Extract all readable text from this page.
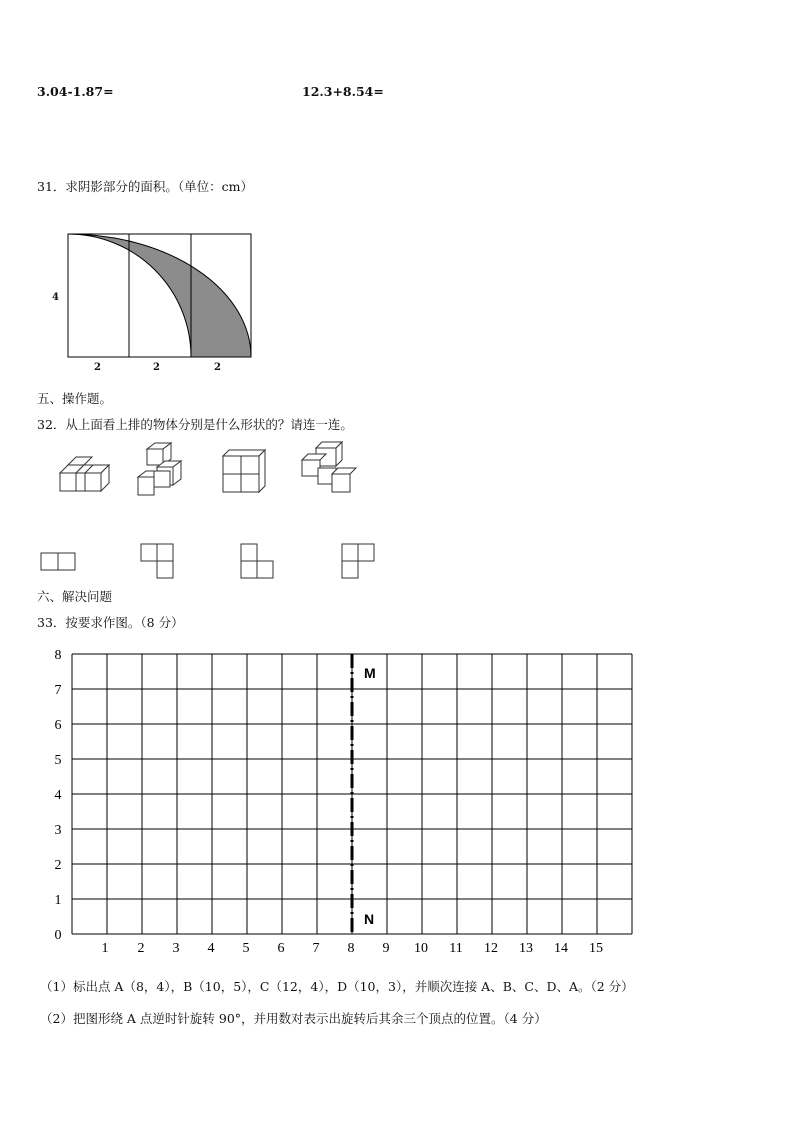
3.04-1.87=	12.3+8.54=
31．求阴影部分的面积。（单位：cm）
4
2	2	2
五、操作题。
32．从上面看上排的物体分别是什么形状的？请连一连。
六、解决问题
33．按要求作图。（8 分）
8
7
6
5
4
3
2
1
0
1 2 3 4 5 6 7 8 9 10 11 12 13 14 15
M
N
（1）标出点 A（8，4），B（10，5），C（12，4），D（10，3），并顺次连接 A、B、C、D、A。（2 分）
（2）把图形绕 A 点逆时针旋转 90°，并用数对表示出旋转后其余三个顶点的位置。（4 分）
